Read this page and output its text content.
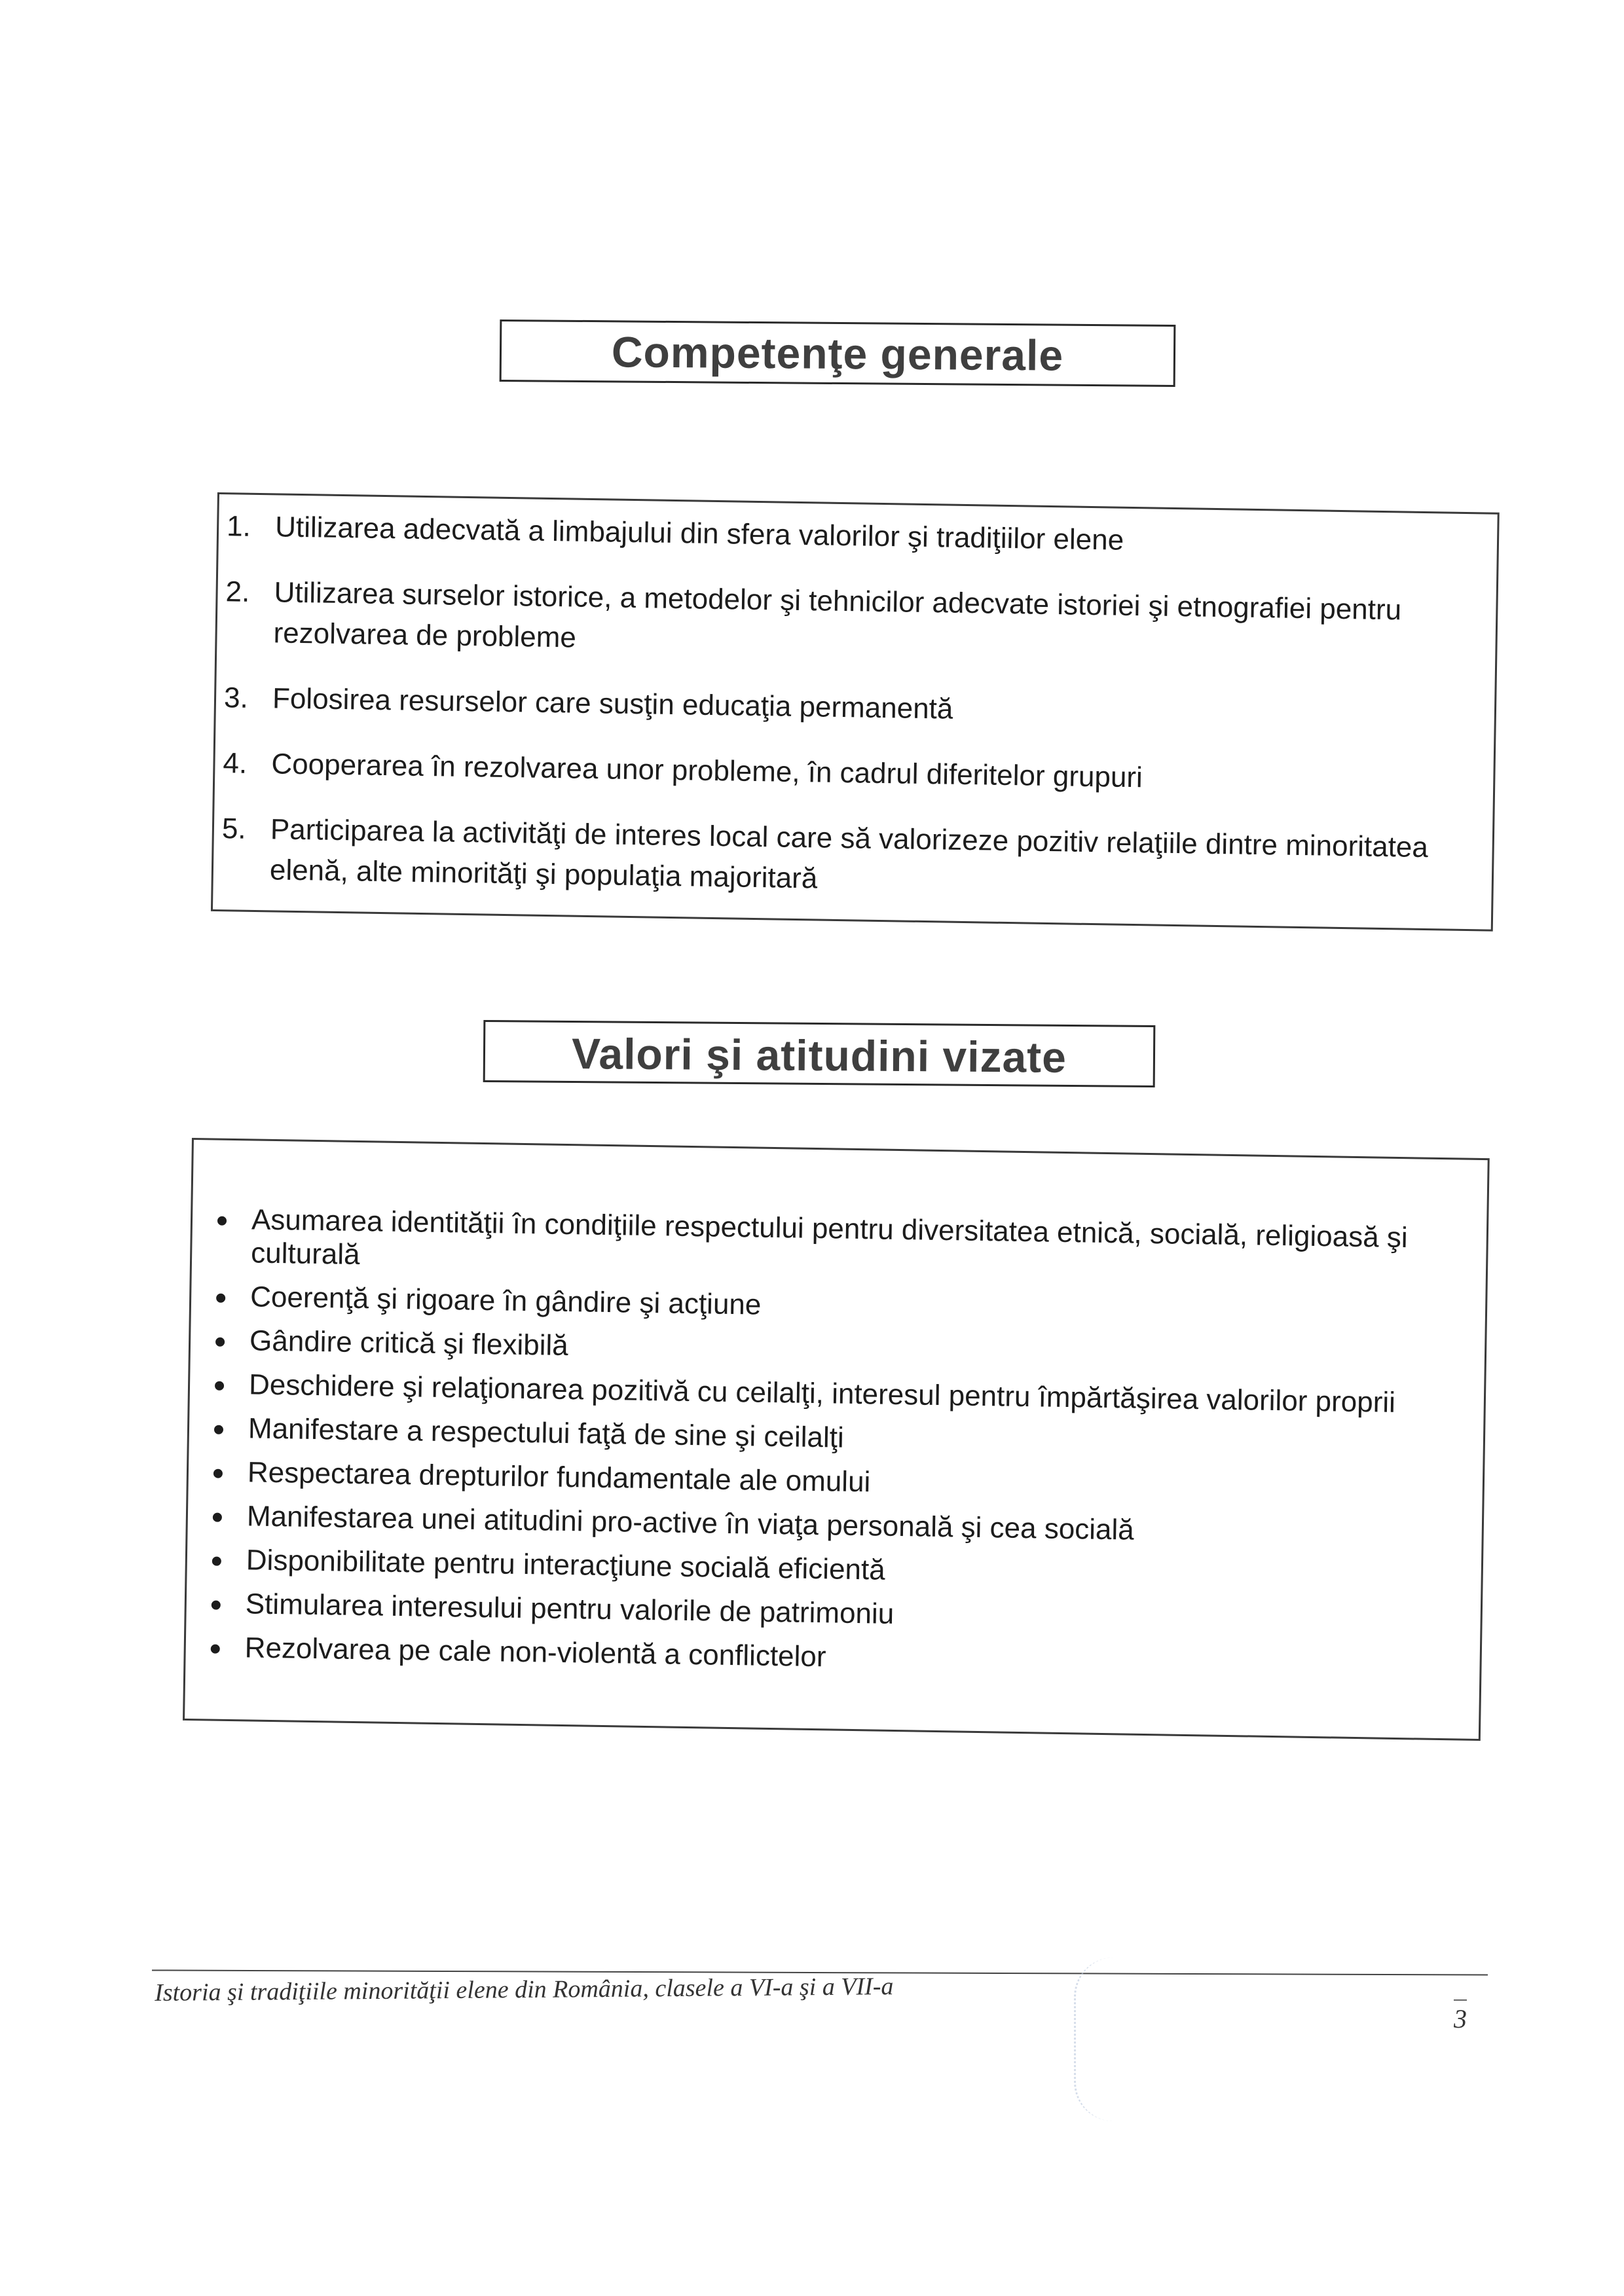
Competenţe generale
1. Utilizarea adecvată a limbajului din sfera valorilor şi tradiţiilor elene
2. Utilizarea surselor istorice, a metodelor şi tehnicilor adecvate istoriei şi etnografiei pentru rezolvarea de probleme
3. Folosirea resurselor care susţin educaţia permanentă
4. Cooperarea în rezolvarea unor probleme, în cadrul diferitelor grupuri
5. Participarea la activităţi de interes local care să valorizeze pozitiv relaţiile dintre minoritatea elenă, alte minorităţi şi populaţia majoritară
Valori şi atitudini vizate
Asumarea identităţii în condiţiile respectului pentru diversitatea etnică, socială, religioasă şi culturală
Coerenţă şi rigoare în gândire şi acţiune
Gândire critică şi flexibilă
Deschidere şi relaţionarea pozitivă cu ceilalţi, interesul pentru împărtăşirea valorilor proprii
Manifestare a respectului faţă de sine şi ceilalţi
Respectarea drepturilor fundamentale ale omului
Manifestarea unei atitudini pro-active în viaţa personală şi cea socială
Disponibilitate pentru interacţiune socială eficientă
Stimularea interesului pentru valorile de patrimoniu
Rezolvarea pe cale non-violentă a conflictelor
Istoria şi tradiţiile minorităţii elene din România, clasele a VI-a şi a VII-a
3
